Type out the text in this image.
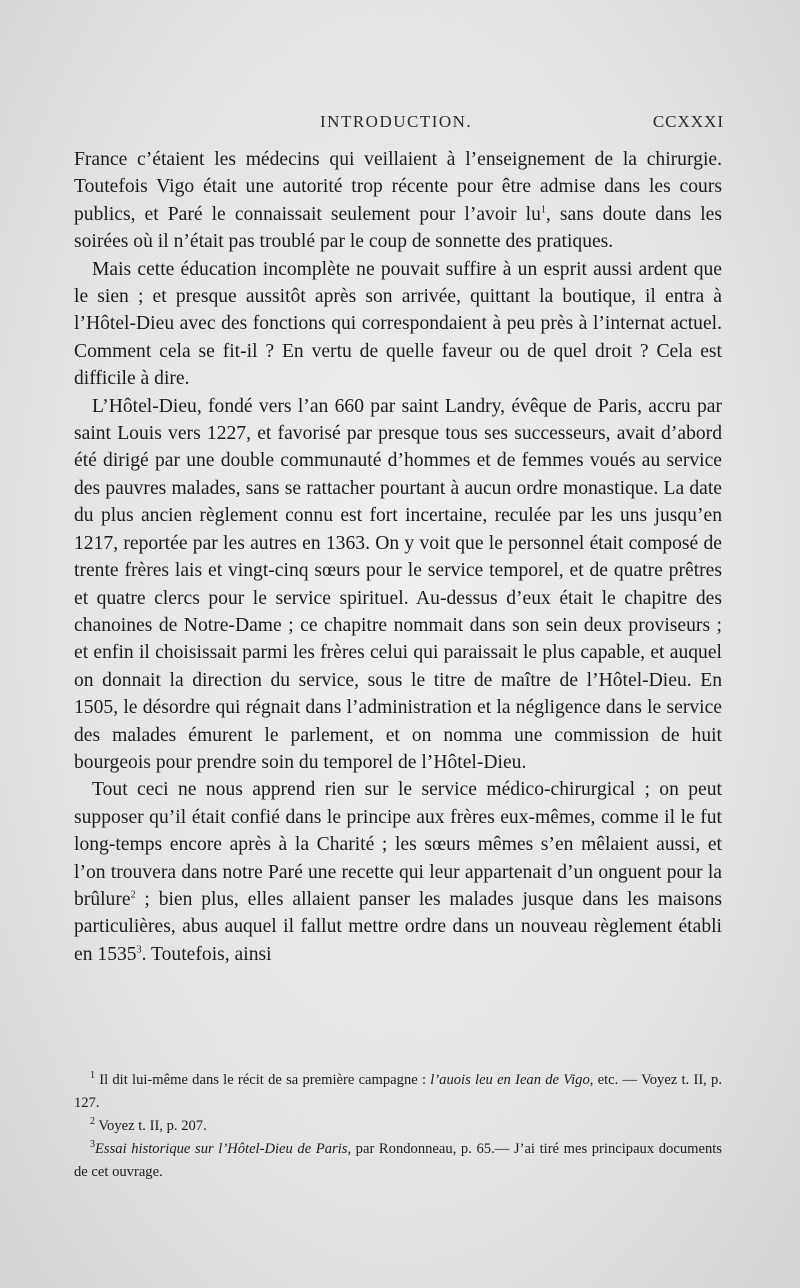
INTRODUCTION.	CCXXXI

France c’étaient les médecins qui veillaient à l’enseignement de la chirurgie. Toutefois Vigo était une autorité trop récente pour être admise dans les cours publics, et Paré le connaissait seulement pour l’avoir $lu^1$, sans doute dans les soirées où il n’était pas troublé par le coup de sonnette des pratiques.

Mais cette éducation incomplète ne pouvait suffire à un esprit aussi ardent que le sien ; et presque aussitôt après son arrivée, quittant la boutique, il entra à l’Hôtel-Dieu avec des fonctions qui correspondaient à peu près à l’internat actuel. Comment cela se fit-il ? En vertu de quelle faveur ou de quel droit ? Cela est difficile à dire.

L’Hôtel-Dieu, fondé vers l’an 660 par saint Landry, évêque de Paris, accru par saint Louis vers 1227, et favorisé par presque tous ses successeurs, avait d’abord été dirigé par une double communauté d’hommes et de femmes voués au service des pauvres malades, sans se rattacher pourtant à aucun ordre monastique. La date du plus ancien règlement connu est fort incertaine, reculée par les uns jusqu’en 1217, reportée par les autres en 1363. On y voit que le personnel était composé de trente frères lais et vingt-cinq sœurs pour le service temporel, et de quatre prêtres et quatre clercs pour le service spirituel. Au-dessus d’eux était le chapitre des chanoines de Notre-Dame ; ce chapitre nommait dans son sein deux proviseurs ; et enfin il choisissait parmi les frères celui qui paraissait le plus capable, et auquel on donnait la direction du service, sous le titre de maître de l’Hôtel-Dieu. En 1505, le désordre qui régnait dans l’administration et la négligence dans le service des malades émurent le parlement, et on nomma une commission de huit bourgeois pour prendre soin du temporel de l’Hôtel-Dieu.

Tout ceci ne nous apprend rien sur le service médico-chirurgical ; on peut supposer qu’il était confié dans le principe aux frères eux-mêmes, comme il le fut long-temps encore après à la Charité ; les sœurs mêmes s’en mêlaient aussi, et l’on trouvera dans notre Paré une recette qui leur appartenait d’un onguent pour la brûlure$^2$ ; bien plus, elles allaient panser les malades jusque dans les maisons particulières, abus auquel il fallut mettre ordre dans un nouveau règlement établi en 1535$^3$. Toutefois, ainsi

$^1$ Il dit lui-même dans le récit de sa première campagne : l’auois leu en Iean de Vigo, etc. — Voyez t. II, p. 127.

$^2$ Voyez t. II, p. 207.

$^3$Essai historique sur l’Hôtel-Dieu de Paris, par Rondonneau, p. 65.— J’ai tiré mes principaux documents de cet ouvrage.
